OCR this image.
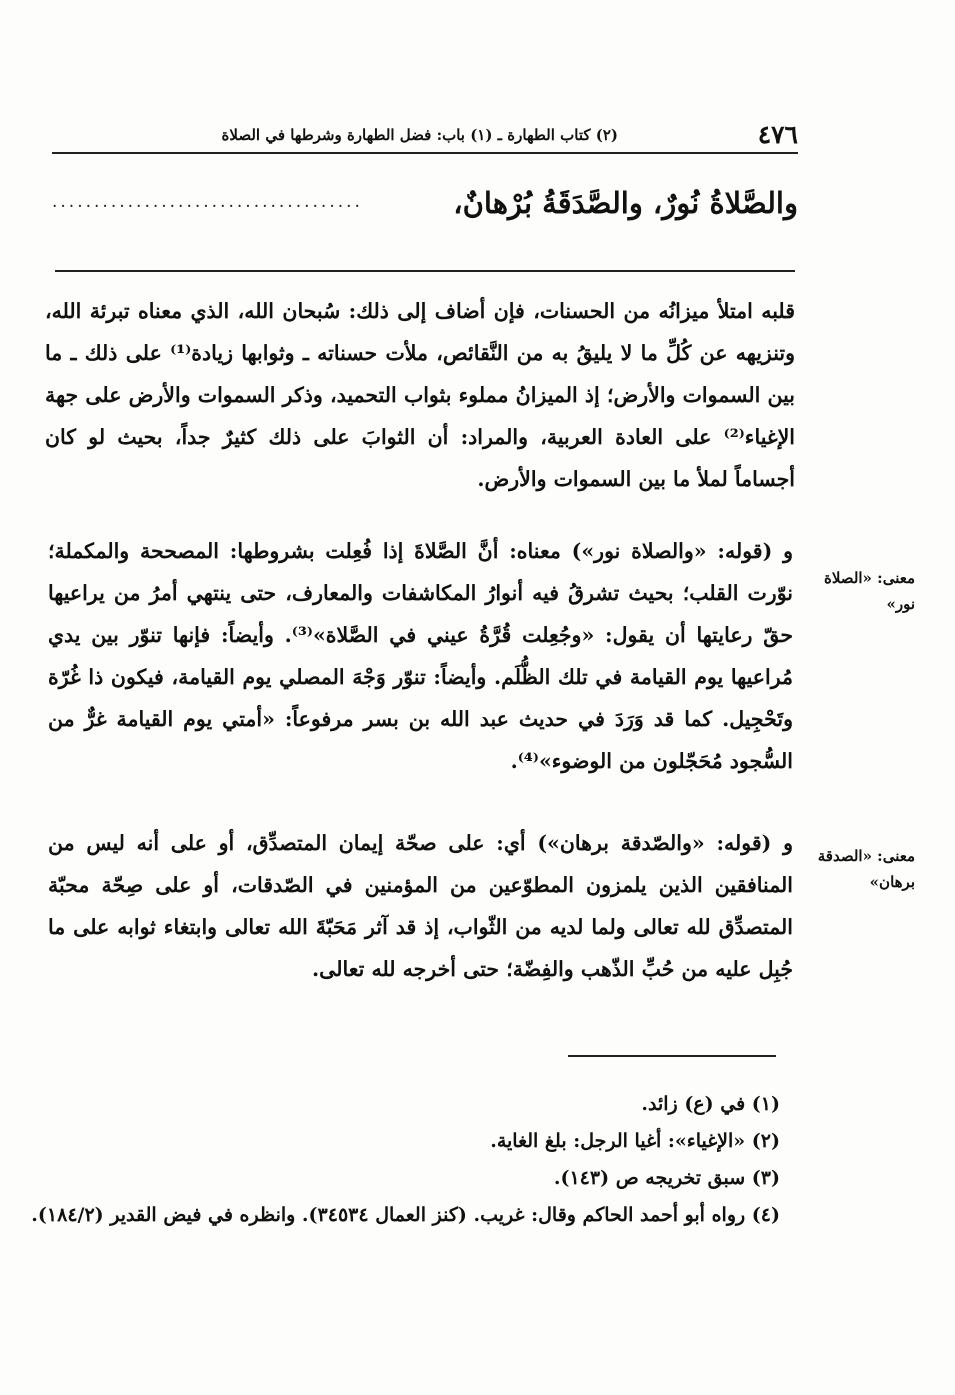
٤٧٦
(٢) كتاب الطهارة ـ (١) باب: فضل الطهارة وشرطها في الصلاة
والصَّلاةُ نُورٌ، والصَّدَقَةُ بُرْهانٌ،
.....................................

قلبه امتلأ ميزانُه من الحسنات، فإن أضاف إلى ذلك: سُبحان الله، الذي معناه تبرئة الله، وتنزيهه عن كُلِّ ما لا يليقُ به من النَّقائص، ملأت حسناته ـ وثوابها زيادة⁽¹⁾ على ذلك ـ ما بين السموات والأرض؛ إذ الميزانُ مملوء بثواب التحميد، وذكر السموات والأرض على جهة الإغياء⁽²⁾ على العادة العربية، والمراد: أن الثوابَ على ذلك كثيرٌ جداً، بحيث لو كان أجساماً لملأ ما بين السموات والأرض.

معنى: «الصلاة نور»

و (قوله: «والصلاة نور») معناه: أنَّ الصَّلاةَ إذا فُعِلت بشروطها: المصححة والمكملة؛ نوّرت القلب؛ بحيث تشرقُ فيه أنوارُ المكاشفات والمعارف، حتى ينتهي أمرُ من يراعيها حقّ رعايتها أن يقول: «وجُعِلت قُرَّةُ عيني في الصَّلاة»⁽³⁾. وأيضاً: فإنها تنوّر بين يدي مُراعيها يوم القيامة في تلك الظُّلَم. وأيضاً: تنوّر وَجْهَ المصلي يوم القيامة، فيكون ذا غُرّة وتَحْجِيل. كما قد وَرَدَ في حديث عبد الله بن بسر مرفوعاً: «أمتي يوم القيامة غرٌّ من السُّجود مُحَجّلون من الوضوء»⁽⁴⁾.

معنى: «الصدقة برهان»

و (قوله: «والصّدقة برهان») أي: على صحّة إيمان المتصدِّق، أو على أنه ليس من المنافقين الذين يلمزون المطوّعين من المؤمنين في الصّدقات، أو على صِحّة محبّة المتصدِّق لله تعالى ولما لديه من الثّواب، إذ قد آثر مَحَبّةَ الله تعالى وابتغاء ثوابه على ما جُبِل عليه من حُبِّ الذّهب والفِضّة؛ حتى أخرجه لله تعالى.

(١) في (ع) زائد.

(٢) «الإغياء»: أغيا الرجل: بلغ الغاية.

(٣) سبق تخريجه ص (١٤٣).

(٤) رواه أبو أحمد الحاكم وقال: غريب. (كنز العمال ٣٤٥٣٤). وانظره في فيض القدير (١٨٤/٢).
